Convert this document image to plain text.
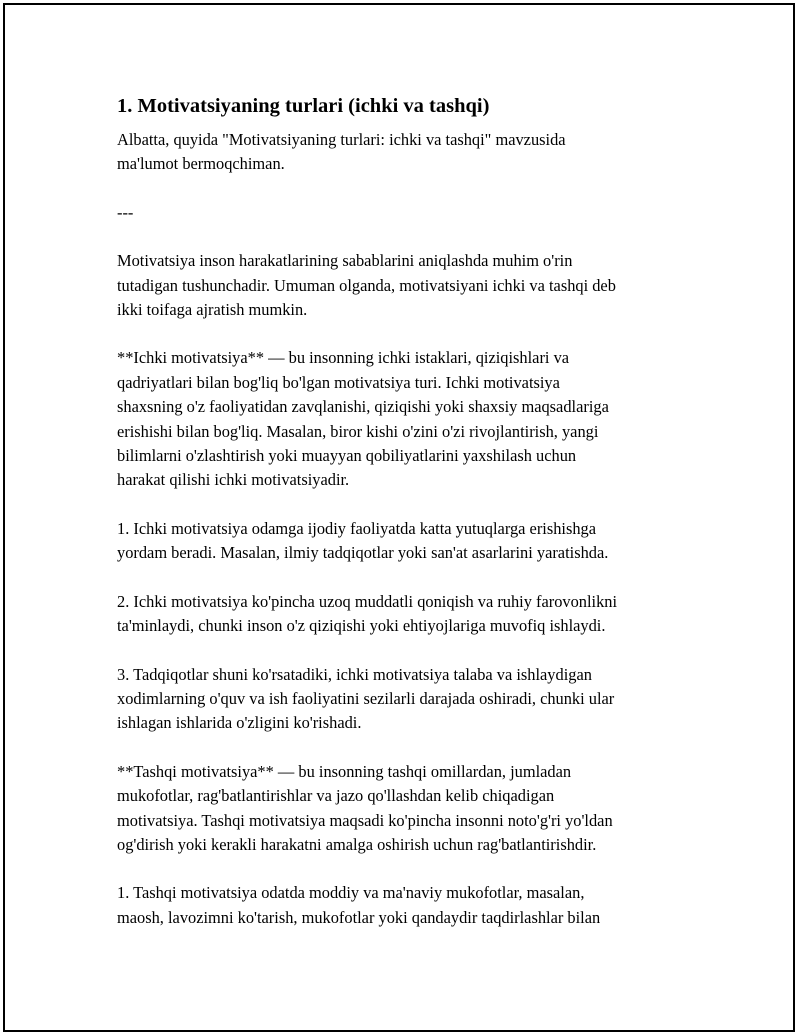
1. Motivatsiyaning turlari (ichki va tashqi)
Albatta, quyida "Motivatsiyaning turlari: ichki va tashqi" mavzusida
ma'lumot bermoqchiman.
---
Motivatsiya inson harakatlarining sabablarini aniqlashda muhim o'rin
tutadigan tushunchadir. Umuman olganda, motivatsiyani ichki va tashqi deb
ikki toifaga ajratish mumkin.
**Ichki motivatsiya** — bu insonning ichki istaklari, qiziqishlari va
qadriyatlari bilan bog'liq bo'lgan motivatsiya turi. Ichki motivatsiya
shaxsning o'z faoliyatidan zavqlanishi, qiziqishi yoki shaxsiy maqsadlariga
erishishi bilan bog'liq. Masalan, biror kishi o'zini o'zi rivojlantirish, yangi
bilimlarni o'zlashtirish yoki muayyan qobiliyatlarini yaxshilash uchun
harakat qilishi ichki motivatsiyadir.
1. Ichki motivatsiya odamga ijodiy faoliyatda katta yutuqlarga erishishga
yordam beradi. Masalan, ilmiy tadqiqotlar yoki san'at asarlarini yaratishda.
2. Ichki motivatsiya ko'pincha uzoq muddatli qoniqish va ruhiy farovonlikni
ta'minlaydi, chunki inson o'z qiziqishi yoki ehtiyojlariga muvofiq ishlaydi.
3. Tadqiqotlar shuni ko'rsatadiki, ichki motivatsiya talaba va ishlaydigan
xodimlarning o'quv va ish faoliyatini sezilarli darajada oshiradi, chunki ular
ishlagan ishlarida o'zligini ko'rishadi.
**Tashqi motivatsiya** — bu insonning tashqi omillardan, jumladan
mukofotlar, rag'batlantirishlar va jazo qo'llashdan kelib chiqadigan
motivatsiya. Tashqi motivatsiya maqsadi ko'pincha insonni noto'g'ri yo'ldan
og'dirish yoki kerakli harakatni amalga oshirish uchun rag'batlantirishdir.
1. Tashqi motivatsiya odatda moddiy va ma'naviy mukofotlar, masalan,
maosh, lavozimni ko'tarish, mukofotlar yoki qandaydir taqdirlashlar bilan
